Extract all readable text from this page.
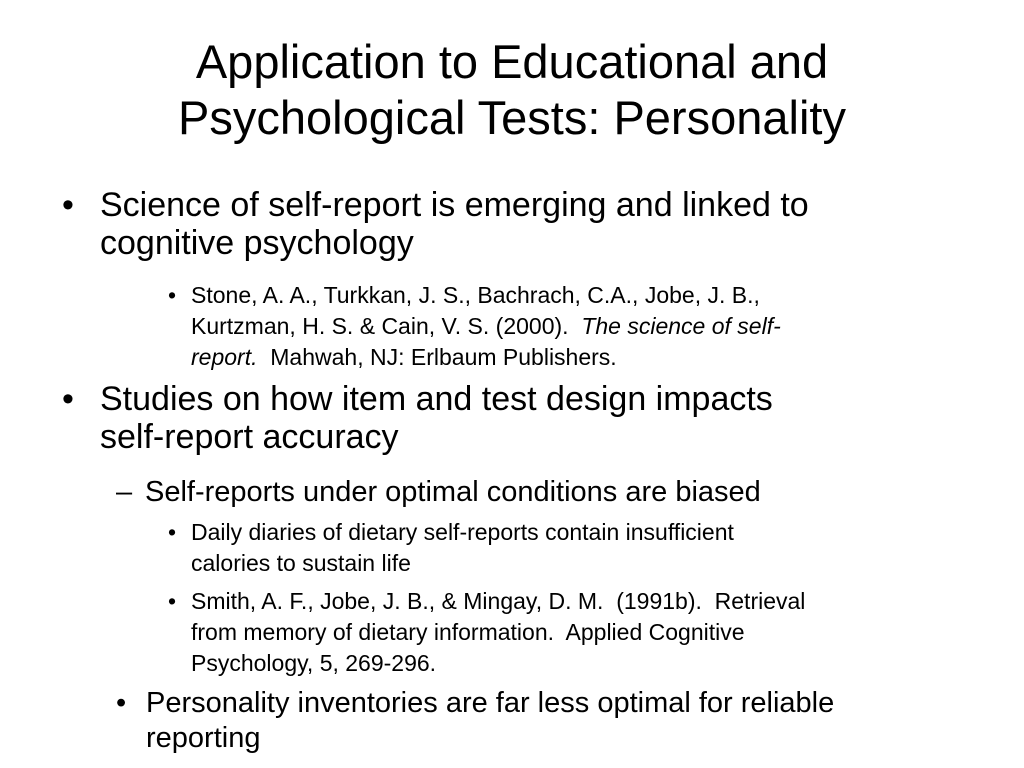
Application to Educational and
Psychological Tests: Personality
• Science of self-report is emerging and linked to
cognitive psychology
• Stone, A. A., Turkkan, J. S., Bachrach, C.A., Jobe, J. B.,
Kurtzman, H. S. & Cain, V. S. (2000).  The science of self-
report.  Mahwah, NJ: Erlbaum Publishers.
• Studies on how item and test design impacts
self-report accuracy
– Self-reports under optimal conditions are biased
• Daily diaries of dietary self-reports contain insufficient
calories to sustain life
• Smith, A. F., Jobe, J. B., & Mingay, D. M.  (1991b).  Retrieval
from memory of dietary information.  Applied Cognitive
Psychology, 5, 269-296.
• Personality inventories are far less optimal for reliable
reporting
